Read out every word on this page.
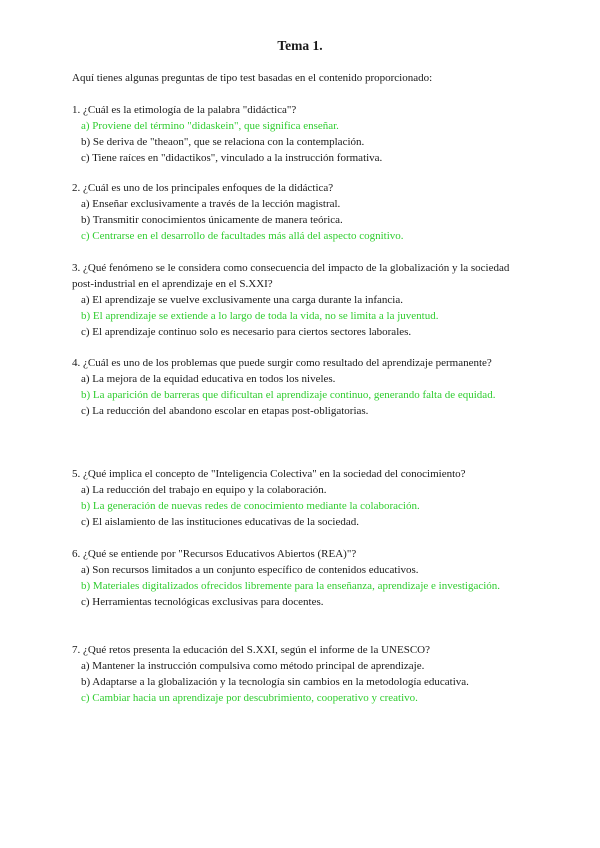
Tema 1.

Aquí tienes algunas preguntas de tipo test basadas en el contenido proporcionado:

1. ¿Cuál es la etimología de la palabra "didáctica"?

a) Proviene del término "didaskein", que significa enseñar.
b) Se deriva de "theaon", que se relaciona con la contemplación.
c) Tiene raíces en "didactikos", vinculado a la instrucción formativa.

2. ¿Cuál es uno de los principales enfoques de la didáctica?

a) Enseñar exclusivamente a través de la lección magistral.
b) Transmitir conocimientos únicamente de manera teórica.
c) Centrarse en el desarrollo de facultades más allá del aspecto cognitivo.

3. ¿Qué fenómeno se le considera como consecuencia del impacto de la globalización y la sociedad post-industrial en el aprendizaje en el S.XXI?

a) El aprendizaje se vuelve exclusivamente una carga durante la infancia.
b) El aprendizaje se extiende a lo largo de toda la vida, no se limita a la juventud.
c) El aprendizaje continuo solo es necesario para ciertos sectores laborales.

4. ¿Cuál es uno de los problemas que puede surgir como resultado del aprendizaje permanente?

a) La mejora de la equidad educativa en todos los niveles.
b) La aparición de barreras que dificultan el aprendizaje continuo, generando falta de equidad.
c) La reducción del abandono escolar en etapas post-obligatorias.

5. ¿Qué implica el concepto de "Inteligencia Colectiva" en la sociedad del conocimiento?

a) La reducción del trabajo en equipo y la colaboración.
b) La generación de nuevas redes de conocimiento mediante la colaboración.
c) El aislamiento de las instituciones educativas de la sociedad.

6. ¿Qué se entiende por "Recursos Educativos Abiertos (REA)"?

a) Son recursos limitados a un conjunto específico de contenidos educativos.
b) Materiales digitalizados ofrecidos libremente para la enseñanza, aprendizaje e investigación.
c) Herramientas tecnológicas exclusivas para docentes.

7. ¿Qué retos presenta la educación del S.XXI, según el informe de la UNESCO?

a) Mantener la instrucción compulsiva como método principal de aprendizaje.
b) Adaptarse a la globalización y la tecnología sin cambios en la metodología educativa.
c) Cambiar hacia un aprendizaje por descubrimiento, cooperativo y creativo.
